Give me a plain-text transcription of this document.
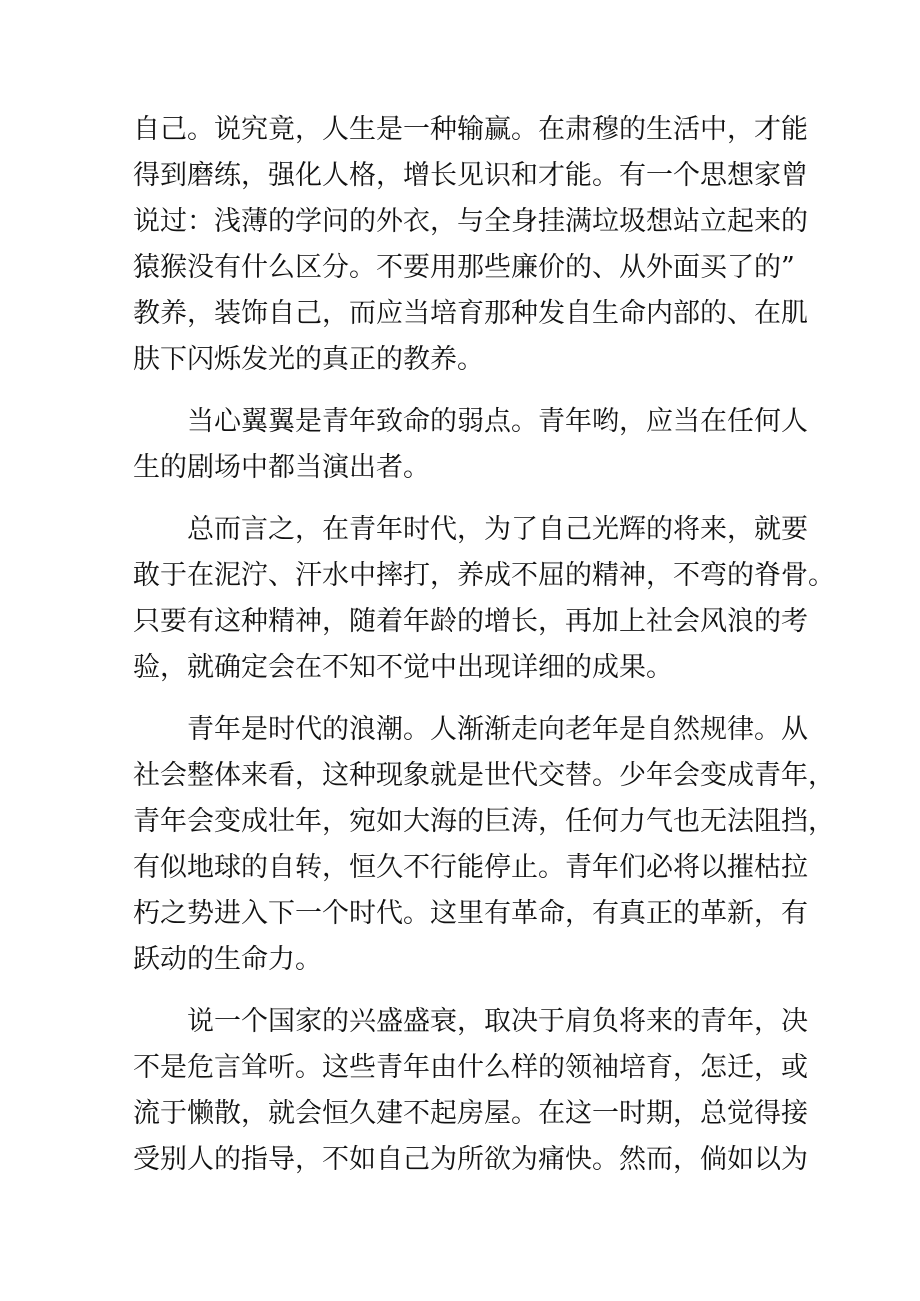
自己。说究竟，人生是一种输赢。在肃穆的生活中，才能
得到磨练，强化人格，增长见识和才能。有一个思想家曾
说过：浅薄的学问的外衣，与全身挂满垃圾想站立起来的
猿猴没有什么区分。不要用那些廉价的、从外面买了的”
教养，装饰自己，而应当培育那种发自生命内部的、在肌
肤下闪烁发光的真正的教养。

当心翼翼是青年致命的弱点。青年哟，应当在任何人
生的剧场中都当演出者。

总而言之，在青年时代，为了自己光辉的将来，就要
敢于在泥泞、汗水中摔打，养成不屈的精神，不弯的脊骨。
只要有这种精神，随着年龄的增长，再加上社会风浪的考
验，就确定会在不知不觉中出现详细的成果。

青年是时代的浪潮。人渐渐走向老年是自然规律。从
社会整体来看，这种现象就是世代交替。少年会变成青年，
青年会变成壮年，宛如大海的巨涛，任何力气也无法阻挡，
有似地球的自转，恒久不行能停止。青年们必将以摧枯拉
朽之势进入下一个时代。这里有革命，有真正的革新，有
跃动的生命力。

说一个国家的兴盛盛衰，取决于肩负将来的青年，决
不是危言耸听。这些青年由什么样的领袖培育，怎迁，或
流于懒散，就会恒久建不起房屋。在这一时期，总觉得接
受别人的指导，不如自己为所欲为痛快。然而，倘如以为
